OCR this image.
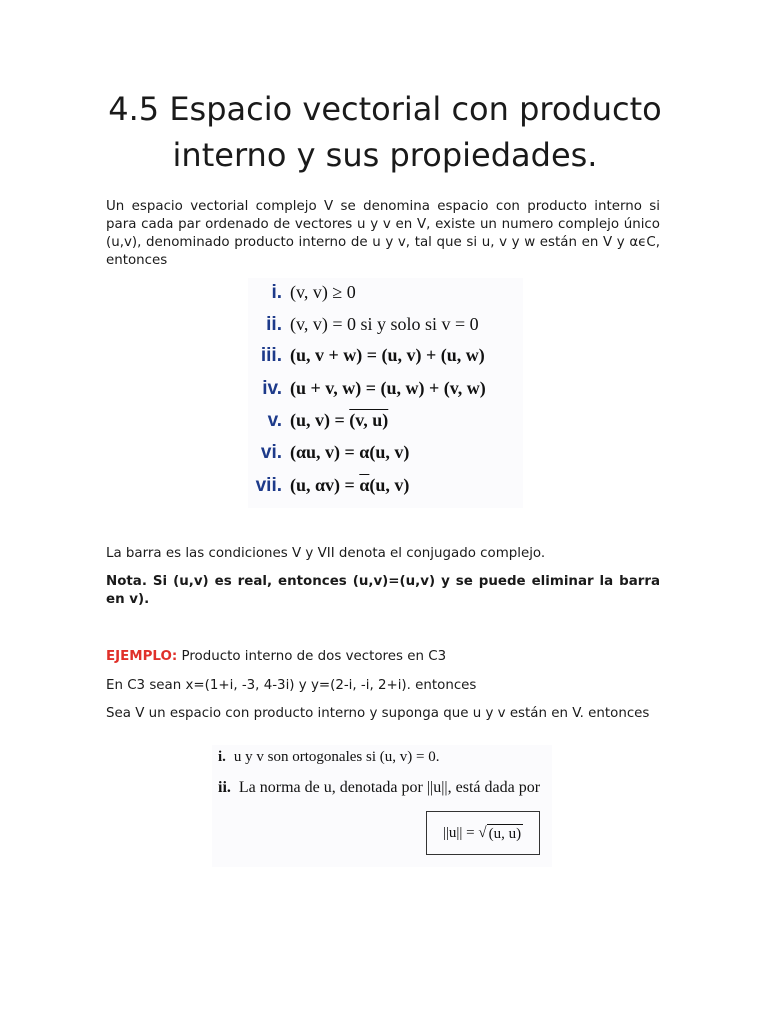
4.5 Espacio vectorial con producto interno y sus propiedades.

Un espacio vectorial complejo V se denomina espacio con producto interno si para cada par ordenado de vectores u y v en V, existe un numero complejo único (u,v), denominado producto interno de u y v, tal que si u, v y w están en V y αϵC, entonces

i. (v, v) ≥ 0
ii. (v, v) = 0 si y solo si v = 0
iii. (u, v + w) = (u, v) + (u, w)
iv. (u + v, w) = (u, w) + (v, w)
v. (u, v) = (v, u)
vi. (αu, v) = α(u, v)
vii. (u, $\alpha v) = \overline{\alpha}(u$, v)

La barra es las condiciones V y VII denota el conjugado complejo.

Nota. Si (u,v) es real, entonces (u,v)=(u,v) y se puede eliminar la barra en v).

EJEMPLO: Producto interno de dos vectores en C3

En C3 sean x=(1+i, -3, 4-3i) y y=(2-i, -i, 2+i). entonces

Sea V un espacio con producto interno y suponga que u y v están en V. entonces

i. u y v son ortogonales si (u, v) = 0.
ii. La norma de u, denotada por ||u||, está dada por
||u|| = √ (u, u)
